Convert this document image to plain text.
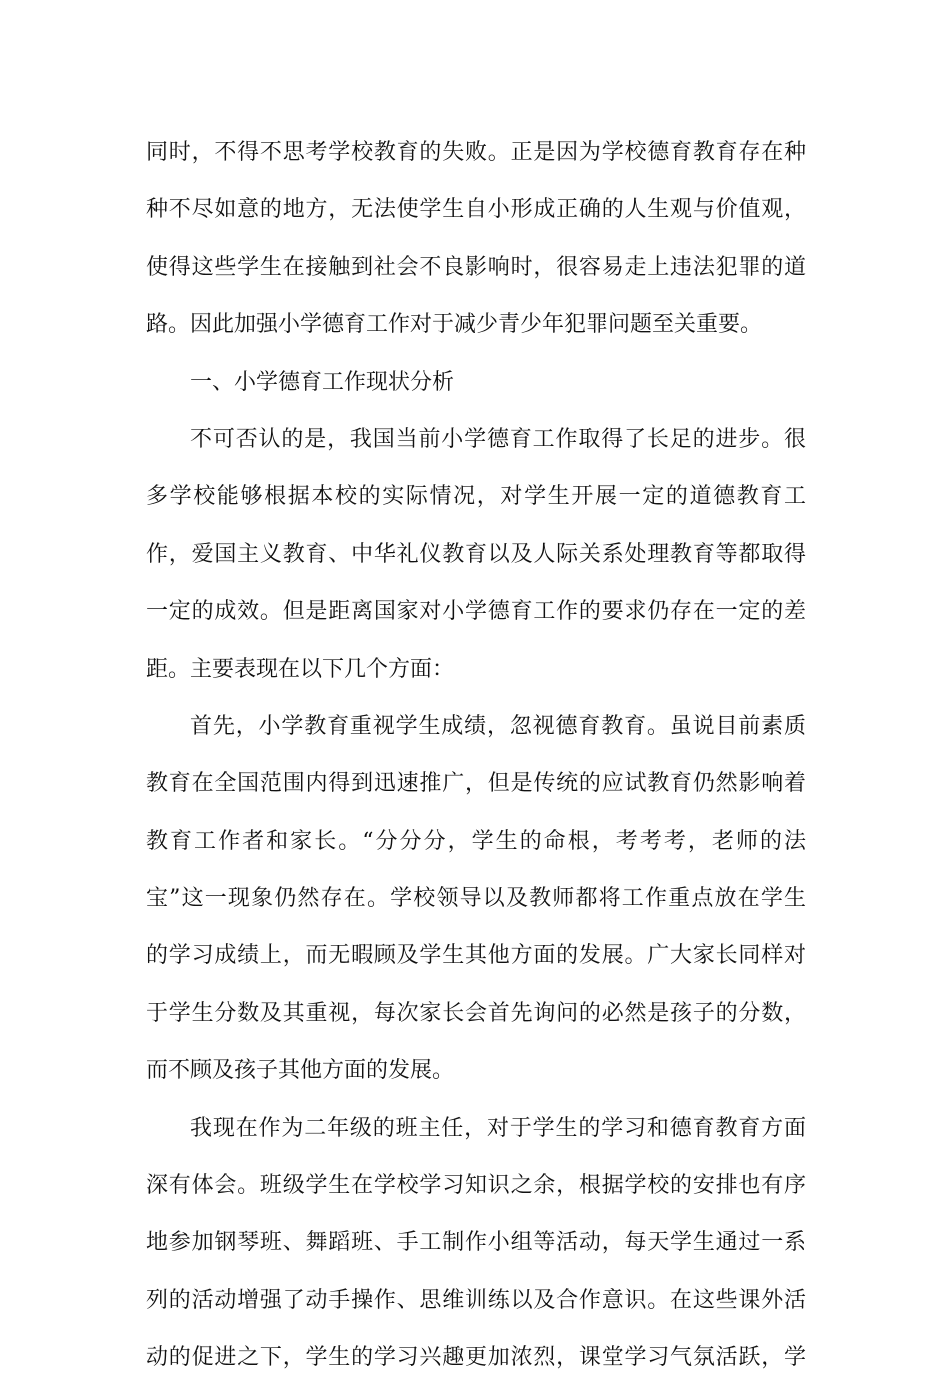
同时，不得不思考学校教育的失败。正是因为学校德育教育存在种
种不尽如意的地方，无法使学生自小形成正确的人生观与价值观，
使得这些学生在接触到社会不良影响时，很容易走上违法犯罪的道
路。因此加强小学德育工作对于减少青少年犯罪问题至关重要。
一、小学德育工作现状分析
不可否认的是，我国当前小学德育工作取得了长足的进步。很
多学校能够根据本校的实际情况，对学生开展一定的道德教育工
作，爱国主义教育、中华礼仪教育以及人际关系处理教育等都取得
一定的成效。但是距离国家对小学德育工作的要求仍存在一定的差
距。主要表现在以下几个方面：
首先，小学教育重视学生成绩，忽视德育教育。虽说目前素质
教育在全国范围内得到迅速推广，但是传统的应试教育仍然影响着
教育工作者和家长。“分分分，学生的命根，考考考，老师的法
宝”这一现象仍然存在。学校领导以及教师都将工作重点放在学生
的学习成绩上，而无暇顾及学生其他方面的发展。广大家长同样对
于学生分数及其重视，每次家长会首先询问的必然是孩子的分数，
而不顾及孩子其他方面的发展。
我现在作为二年级的班主任，对于学生的学习和德育教育方面
深有体会。班级学生在学校学习知识之余，根据学校的安排也有序
地参加钢琴班、舞蹈班、手工制作小组等活动，每天学生通过一系
列的活动增强了动手操作、思维训练以及合作意识。在这些课外活
动的促进之下，学生的学习兴趣更加浓烈，课堂学习气氛活跃，学
